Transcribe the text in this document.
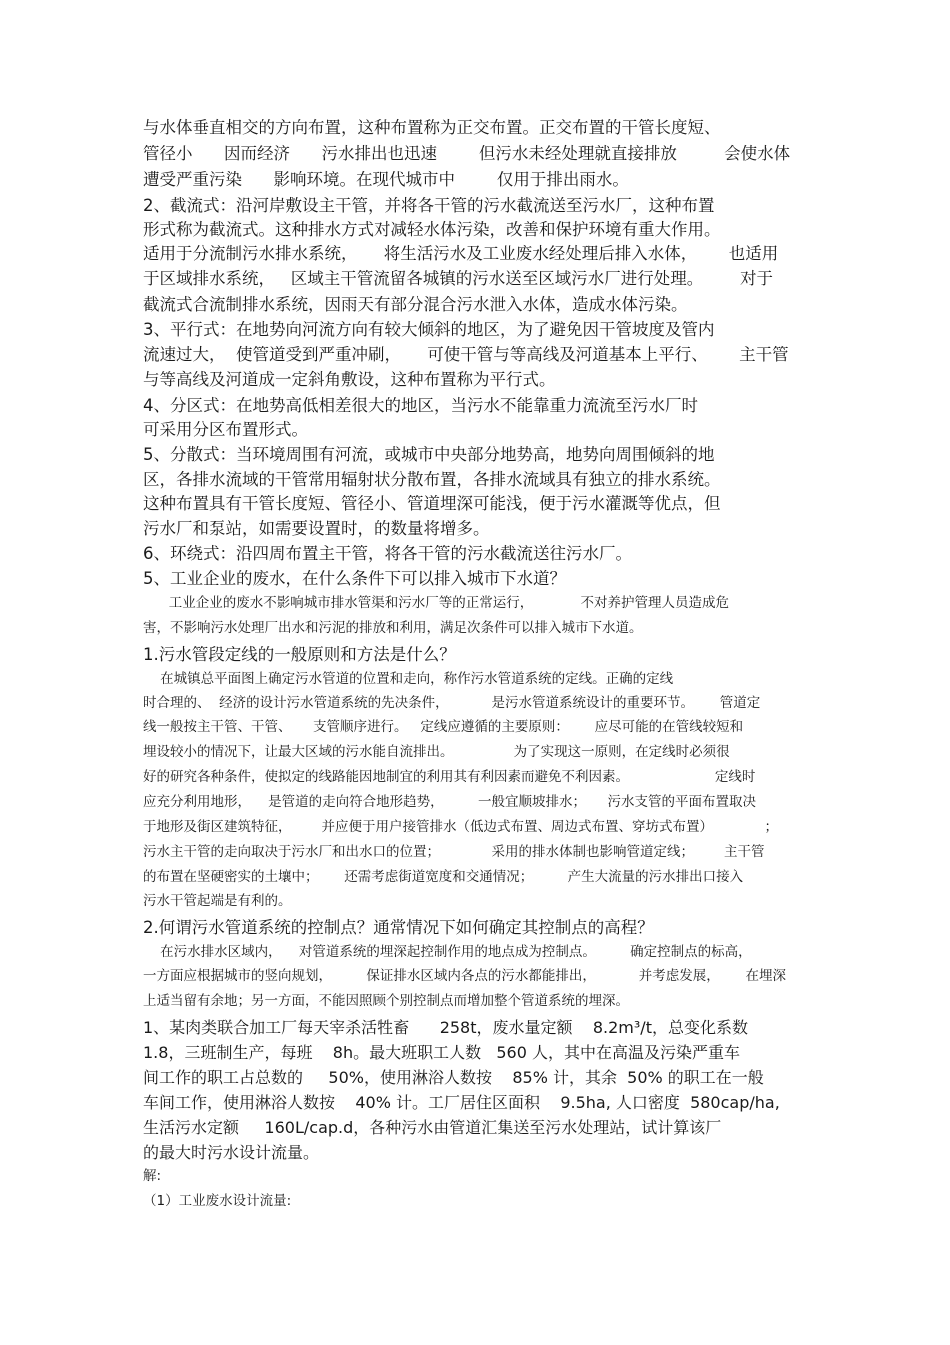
与水体垂直相交的方向布置，这种布置称为正交布置。正交布置的干管长度短、
管径小      因而经济      污水排出也迅速        但污水未经处理就直接排放         会使水体
遭受严重污染      影响环境。在现代城市中        仅用于排出雨水。
2、截流式：沿河岸敷设主干管，并将各干管的污水截流送至污水厂，这种布置
形式称为截流式。这种排水方式对减轻水体污染，改善和保护环境有重大作用。
适用于分流制污水排水系统，     将生活污水及工业废水经处理后排入水体，      也适用
于区域排水系统，   区域主干管流留各城镇的污水送至区域污水厂进行处理。       对于
截流式合流制排水系统，因雨天有部分混合污水泄入水体，造成水体污染。
3、平行式：在地势向河流方向有较大倾斜的地区，为了避免因干管坡度及管内
流速过大，  使管道受到严重冲刷，     可使干管与等高线及河道基本上平行、      主干管
与等高线及河道成一定斜角敷设，这种布置称为平行式。
4、分区式：在地势高低相差很大的地区，当污水不能靠重力流流至污水厂时
可采用分区布置形式。
5、分散式：当环境周围有河流，或城市中央部分地势高，地势向周围倾斜的地
区，各排水流域的干管常用辐射状分散布置，各排水流域具有独立的排水系统。
这种布置具有干管长度短、管径小、管道埋深可能浅，便于污水灌溉等优点，但
污水厂和泵站，如需要设置时，的数量将增多。
6、环绕式：沿四周布置主干管，将各干管的污水截流送往污水厂。
5、工业企业的废水，在什么条件下可以排入城市下水道？
工业企业的废水不影响城市排水管渠和污水厂等的正常运行，           不对养护管理人员造成危
害，不影响污水处理厂出水和污泥的排放和利用，满足次条件可以排入城市下水道。
1.污水管段定线的一般原则和方法是什么？
在城镇总平面图上确定污水管道的位置和走向，称作污水管道系统的定线。正确的定线
时合理的、  经济的设计污水管道系统的先决条件，          是污水管道系统设计的重要环节。      管道定
线一般按主干管、干管、     支管顺序进行。   定线应遵循的主要原则：      应尽可能的在管线较短和
埋设较小的情况下，让最大区域的污水能自流排出。              为了实现这一原则，在定线时必须很
好的研究各种条件，使拟定的线路能因地制宜的利用其有利因素而避免不利因素。                    定线时
应充分利用地形，    是管道的走向符合地形趋势，        一般宜顺坡排水；     污水支管的平面布置取决
于地形及街区建筑特征，       并应便于用户接管排水（低边式布置、周边式布置、穿坊式布置）            ；
污水主干管的走向取决于污水厂和出水口的位置；            采用的排水体制也影响管道定线；       主干管
的布置在坚硬密实的土壤中；      还需考虑街道宽度和交通情况；        产生大流量的污水排出口接入
污水干管起端是有利的。
2.何谓污水管道系统的控制点？通常情况下如何确定其控制点的高程？
在污水排水区域内，    对管道系统的埋深起控制作用的地点成为控制点。        确定控制点的标高，
一方面应根据城市的竖向规划，        保证排水区域内各点的污水都能排出，          并考虑发展，      在埋深
上适当留有余地；另一方面，不能因照顾个别控制点而增加整个管道系统的埋深。
1、某肉类联合加工厂每天宰杀活牲畜      258t，废水量定额    8.2m³/t，总变化系数
1.8，三班制生产，每班    8h。最大班职工人数   560 人，其中在高温及污染严重车
间工作的职工占总数的     50%，使用淋浴人数按    85% 计，其余  50% 的职工在一般
车间工作，使用淋浴人数按    40% 计。工厂居住区面积    9.5ha, 人口密度  580cap/ha,
生活污水定额     160L/cap.d，各种污水由管道汇集送至污水处理站，试计算该厂
的最大时污水设计流量。
解:
（1）工业废水设计流量:
